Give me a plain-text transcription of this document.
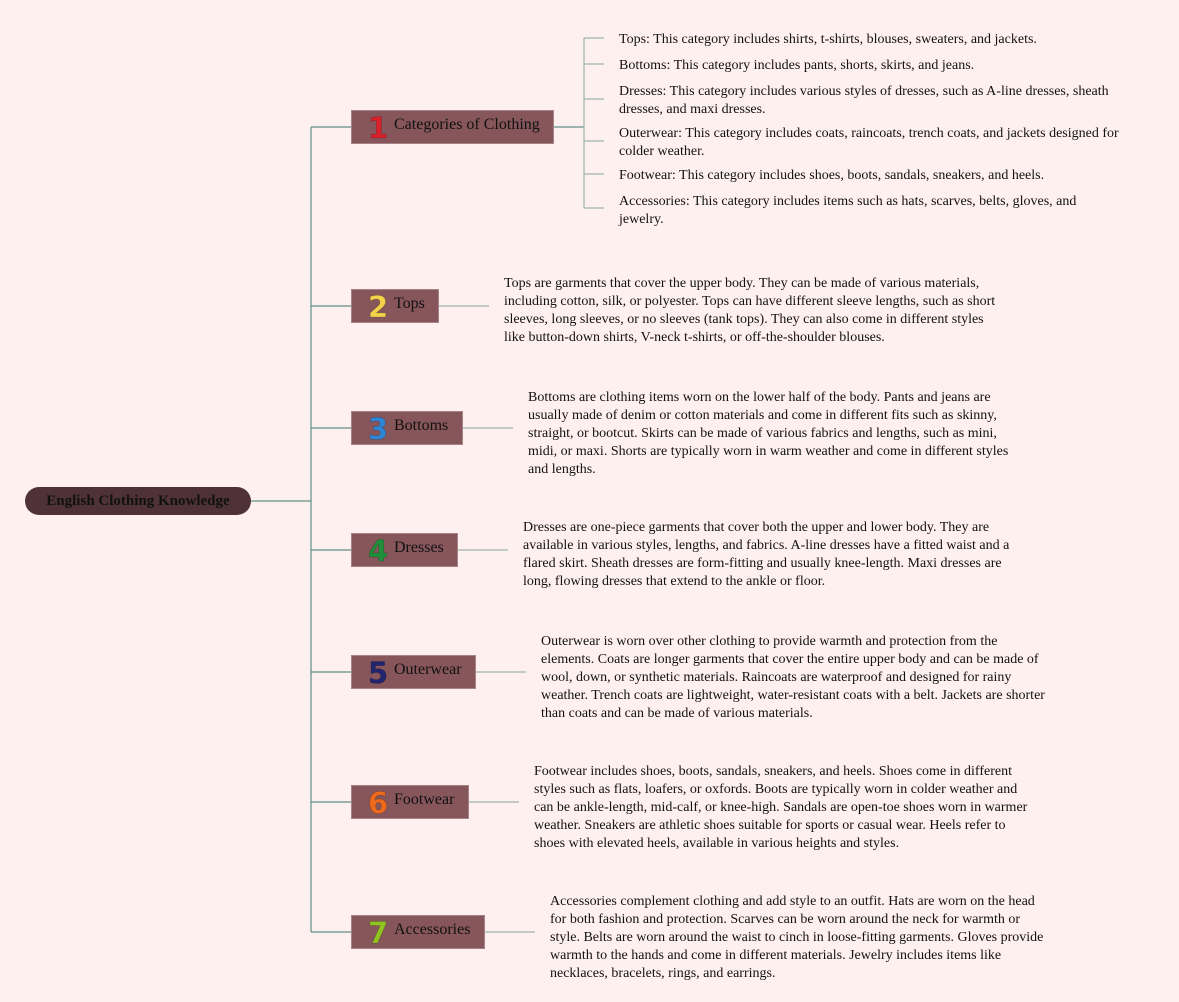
English Clothing Knowledge
1 Categories of Clothing
Tops: This category includes shirts, t-shirts, blouses, sweaters, and jackets.
Bottoms: This category includes pants, shorts, skirts, and jeans.
Dresses: This category includes various styles of dresses, such as A-line dresses, sheath dresses, and maxi dresses.
Outerwear: This category includes coats, raincoats, trench coats, and jackets designed for colder weather.
Footwear: This category includes shoes, boots, sandals, sneakers, and heels.
Accessories: This category includes items such as hats, scarves, belts, gloves, and jewelry.
2 Tops
Tops are garments that cover the upper body. They can be made of various materials, including cotton, silk, or polyester. Tops can have different sleeve lengths, such as short sleeves, long sleeves, or no sleeves (tank tops). They can also come in different styles like button-down shirts, V-neck t-shirts, or off-the-shoulder blouses.
3 Bottoms
Bottoms are clothing items worn on the lower half of the body. Pants and jeans are usually made of denim or cotton materials and come in different fits such as skinny, straight, or bootcut. Skirts can be made of various fabrics and lengths, such as mini, midi, or maxi. Shorts are typically worn in warm weather and come in different styles and lengths.
4 Dresses
Dresses are one-piece garments that cover both the upper and lower body. They are available in various styles, lengths, and fabrics. A-line dresses have a fitted waist and a flared skirt. Sheath dresses are form-fitting and usually knee-length. Maxi dresses are long, flowing dresses that extend to the ankle or floor.
5 Outerwear
Outerwear is worn over other clothing to provide warmth and protection from the elements. Coats are longer garments that cover the entire upper body and can be made of wool, down, or synthetic materials. Raincoats are waterproof and designed for rainy weather. Trench coats are lightweight, water-resistant coats with a belt. Jackets are shorter than coats and can be made of various materials.
6 Footwear
Footwear includes shoes, boots, sandals, sneakers, and heels. Shoes come in different styles such as flats, loafers, or oxfords. Boots are typically worn in colder weather and can be ankle-length, mid-calf, or knee-high. Sandals are open-toe shoes worn in warmer weather. Sneakers are athletic shoes suitable for sports or casual wear. Heels refer to shoes with elevated heels, available in various heights and styles.
7 Accessories
Accessories complement clothing and add style to an outfit. Hats are worn on the head for both fashion and protection. Scarves can be worn around the neck for warmth or style. Belts are worn around the waist to cinch in loose-fitting garments. Gloves provide warmth to the hands and come in different materials. Jewelry includes items like necklaces, bracelets, rings, and earrings.
